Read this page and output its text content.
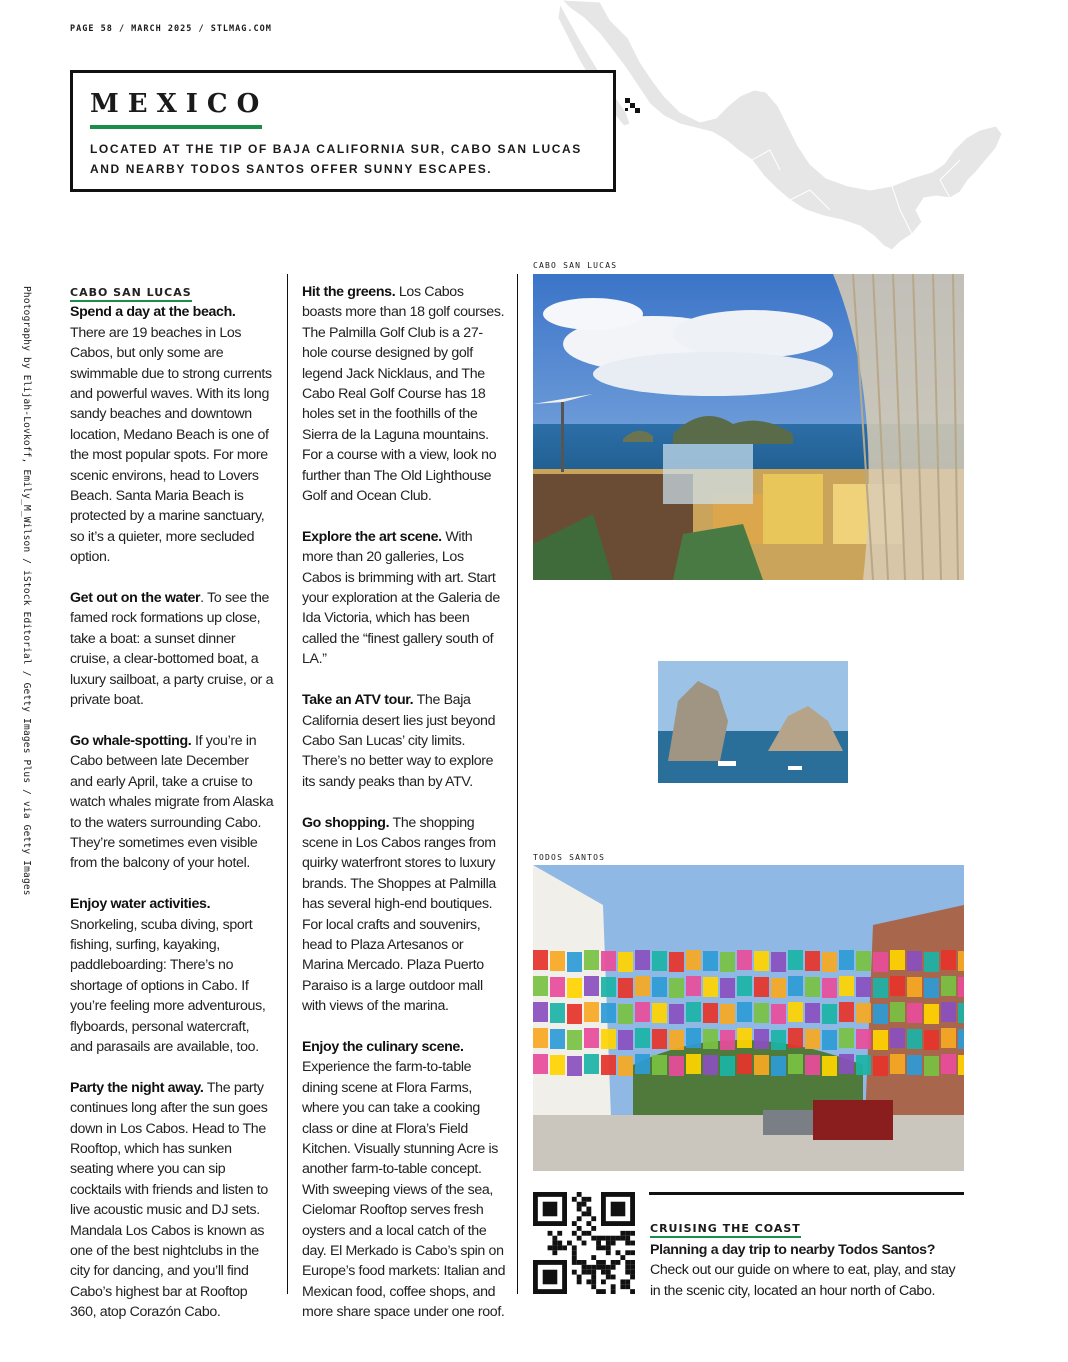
PAGE 58 / MARCH 2025 / STLMAG.COM
MEXICO
LOCATED AT THE TIP OF BAJA CALIFORNIA SUR, CABO SAN LUCAS AND NEARBY TODOS SANTOS OFFER SUNNY ESCAPES.
Photography by Elijah-Lovkoff, Emily_M_Wilson / iStock Editorial / Getty Images Plus / via Getty Images	CABO SAN LUCAS

Spend a day at the beach. There are 19 beaches in Los Cabos, but only some are swimmable due to strong currents and powerful waves. With its long sandy beaches and downtown location, Medano Beach is one of the most popular spots. For more scenic environs, head to Lovers Beach. Santa Maria Beach is protected by a marine sanctuary, so it’s a quieter, more secluded option.

Get out on the water. To see the famed rock formations up close, take a boat: a sunset dinner cruise, a clear-bottomed boat, a luxury sailboat, a party cruise, or a private boat.

Go whale-spotting. If you’re in Cabo between late December and early April, take a cruise to watch whales migrate from Alaska to the waters surrounding Cabo. They’re sometimes even visible from the balcony of your hotel.

Enjoy water activities. Snorkeling, scuba diving, sport fishing, surfing, kayaking, paddleboarding: There’s no shortage of options in Cabo. If you’re feeling more adventurous, flyboards, personal watercraft, and parasails are available, too.

Party the night away. The party continues long after the sun goes down in Los Cabos. Head to The Rooftop, which has sunken seating where you can sip cocktails with friends and listen to live acoustic music and DJ sets. Mandala Los Cabos is known as one of the best nightclubs in the city for dancing, and you’ll find Cabo’s highest bar at Rooftop 360, atop Corazón Cabo.

Hit the greens. Los Cabos boasts more than 18 golf courses. The Palmilla Golf Club is a 27-hole course designed by golf legend Jack Nicklaus, and The Cabo Real Golf Course has 18 holes set in the foothills of the Sierra de la Laguna mountains. For a course with a view, look no further than The Old Lighthouse Golf and Ocean Club.

Explore the art scene. With more than 20 galleries, Los Cabos is brimming with art. Start your exploration at the Galeria de Ida Victoria, which has been called the “finest gallery south of LA.”

Take an ATV tour. The Baja California desert lies just beyond Cabo San Lucas’ city limits. There’s no better way to explore its sandy peaks than by ATV.

Go shopping. The shopping scene in Los Cabos ranges from quirky waterfront stores to luxury brands. The Shoppes at Palmilla has several high-end boutiques. For local crafts and souvenirs, head to Plaza Artesanos or Marina Mercado. Plaza Puerto Paraiso is a large outdoor mall with views of the marina.

Enjoy the culinary scene. Experience the farm-to-table dining scene at Flora Farms, where you can take a cooking class or dine at Flora’s Field Kitchen. Visually stunning Acre is another farm-to-table concept. With sweeping views of the sea, Cielomar Rooftop serves fresh oysters and a local catch of the day. El Merkado is Cabo’s spin on Europe’s food markets: Italian and Mexican food, coffee shops, and more share space under one roof.

CABO SAN LUCAS
TODOS SANTOS
CRUISING THE COAST
Planning a day trip to nearby Todos Santos? Check out our guide on where to eat, play, and stay in the scenic city, located an hour north of Cabo.
